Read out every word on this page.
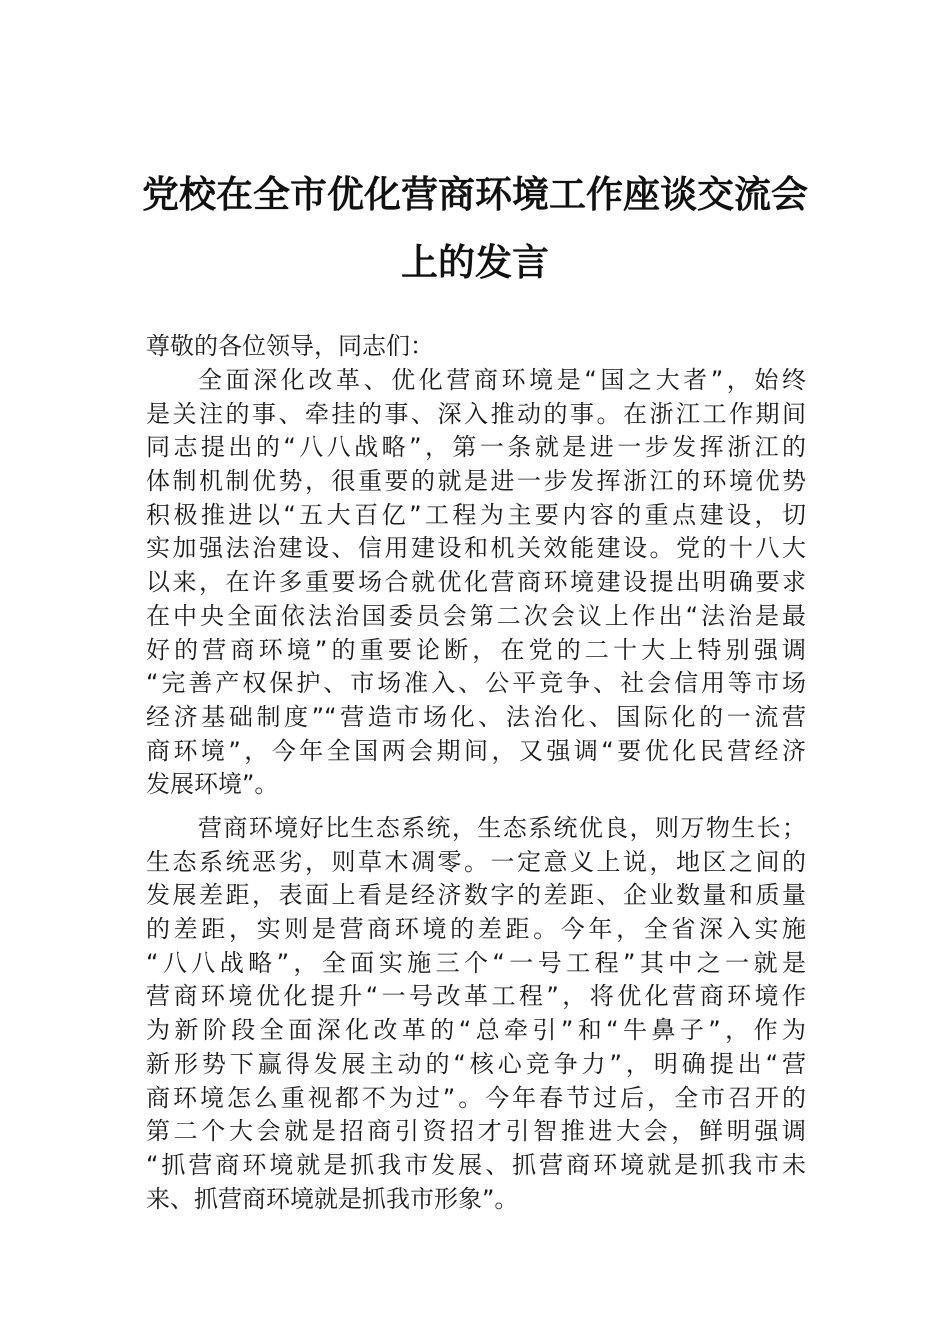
党校在全市优化营商环境工作座谈交流会
上的发言
尊敬的各位领导，同志们：
全面深化改革、优化营商环境是“国之大者”，始终
是关注的事、牵挂的事、深入推动的事。在浙江工作期间
同志提出的“八八战略”，第一条就是进一步发挥浙江的
体制机制优势，很重要的就是进一步发挥浙江的环境优势
积极推进以“五大百亿”工程为主要内容的重点建设，切
实加强法治建设、信用建设和机关效能建设。党的十八大
以来，在许多重要场合就优化营商环境建设提出明确要求
在中央全面依法治国委员会第二次会议上作出“法治是最
好的营商环境”的重要论断，在党的二十大上特别强调
“完善产权保护、市场准入、公平竞争、社会信用等市场
经济基础制度”“营造市场化、法治化、国际化的一流营
商环境”，今年全国两会期间，又强调“要优化民营经济
发展环境”。
营商环境好比生态系统，生态系统优良，则万物生长；
生态系统恶劣，则草木凋零。一定意义上说，地区之间的
发展差距，表面上看是经济数字的差距、企业数量和质量
的差距，实则是营商环境的差距。今年，全省深入实施
“八八战略”，全面实施三个“一号工程”其中之一就是
营商环境优化提升“一号改革工程”，将优化营商环境作
为新阶段全面深化改革的“总牵引”和“牛鼻子”，作为
新形势下赢得发展主动的“核心竞争力”，明确提出“营
商环境怎么重视都不为过”。今年春节过后，全市召开的
第二个大会就是招商引资招才引智推进大会，鲜明强调
“抓营商环境就是抓我市发展、抓营商环境就是抓我市未
来、抓营商环境就是抓我市形象”。
